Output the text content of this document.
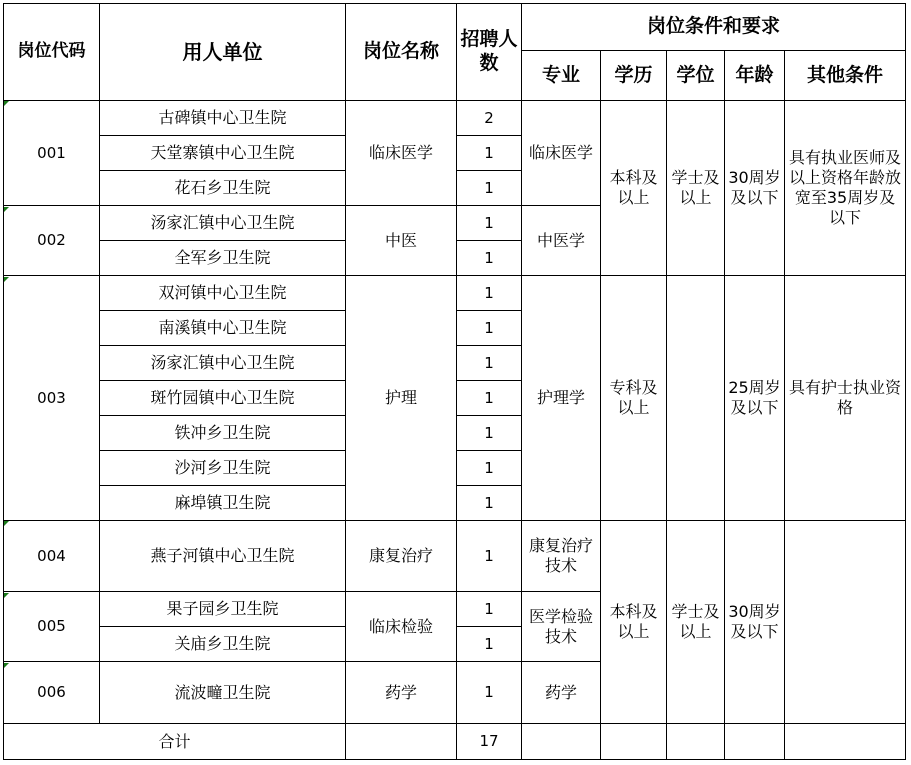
岗位代码	用人单位	岗位名称	招聘人数	岗位条件和要求				
				专业	学历	学位	年龄	其他条件
001	古碑镇中心卫生院	临床医学	2	临床医学	本科及以上	学士及以上	30周岁及以下	具有执业医师及以上资格年龄放宽至35周岁及以下
	天堂寨镇中心卫生院		1					
	花石乡卫生院		1					
002	汤家汇镇中心卫生院	中医	1	中医学				
	全军乡卫生院		1					
003	双河镇中心卫生院	护理	1	护理学	专科及以上		25周岁及以下	具有护士执业资格
	南溪镇中心卫生院		1					
	汤家汇镇中心卫生院		1					
	斑竹园镇中心卫生院		1					
	铁冲乡卫生院		1					
	沙河乡卫生院		1					
	麻埠镇卫生院		1					
004	燕子河镇中心卫生院	康复治疗	1	康复治疗技术	本科及以上	学士及以上	30周岁及以下	
005	果子园乡卫生院	临床检验	1	医学检验技术				
	关庙乡卫生院		1					
006	流波疃卫生院	药学	1	药学				
合计			17					
